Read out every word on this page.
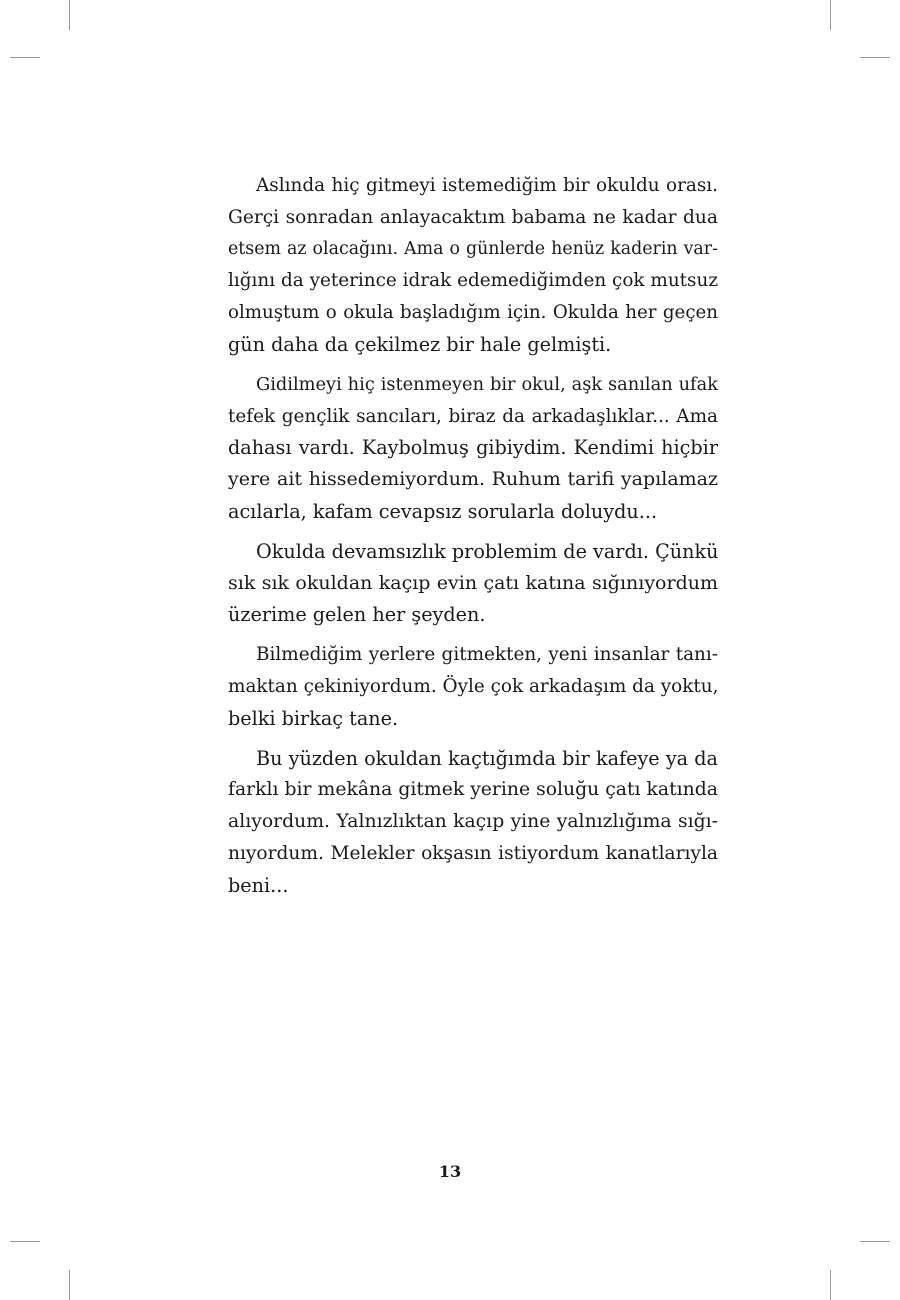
Aslında hiç gitmeyi istemediğim bir okuldu orası.
Gerçi sonradan anlayacaktım babama ne kadar dua
etsem az olacağını. Ama o günlerde henüz kaderin var-
lığını da yeterince idrak edemediğimden çok mutsuz
olmuştum o okula başladığım için. Okulda her geçen
gün daha da çekilmez bir hale gelmişti.
Gidilmeyi hiç istenmeyen bir okul, aşk sanılan ufak
tefek gençlik sancıları, biraz da arkadaşlıklar... Ama
dahası vardı. Kaybolmuş gibiydim. Kendimi hiçbir
yere ait hissedemiyordum. Ruhum tarifi yapılamaz
acılarla, kafam cevapsız sorularla doluydu...
Okulda devamsızlık problemim de vardı. Çünkü
sık sık okuldan kaçıp evin çatı katına sığınıyordum
üzerime gelen her şeyden.
Bilmediğim yerlere gitmekten, yeni insanlar tanı-
maktan çekiniyordum. Öyle çok arkadaşım da yoktu,
belki birkaç tane.
Bu yüzden okuldan kaçtığımda bir kafeye ya da
farklı bir mekâna gitmek yerine soluğu çatı katında
alıyordum. Yalnızlıktan kaçıp yine yalnızlığıma sığı-
nıyordum. Melekler okşasın istiyordum kanatlarıyla
beni...
13
